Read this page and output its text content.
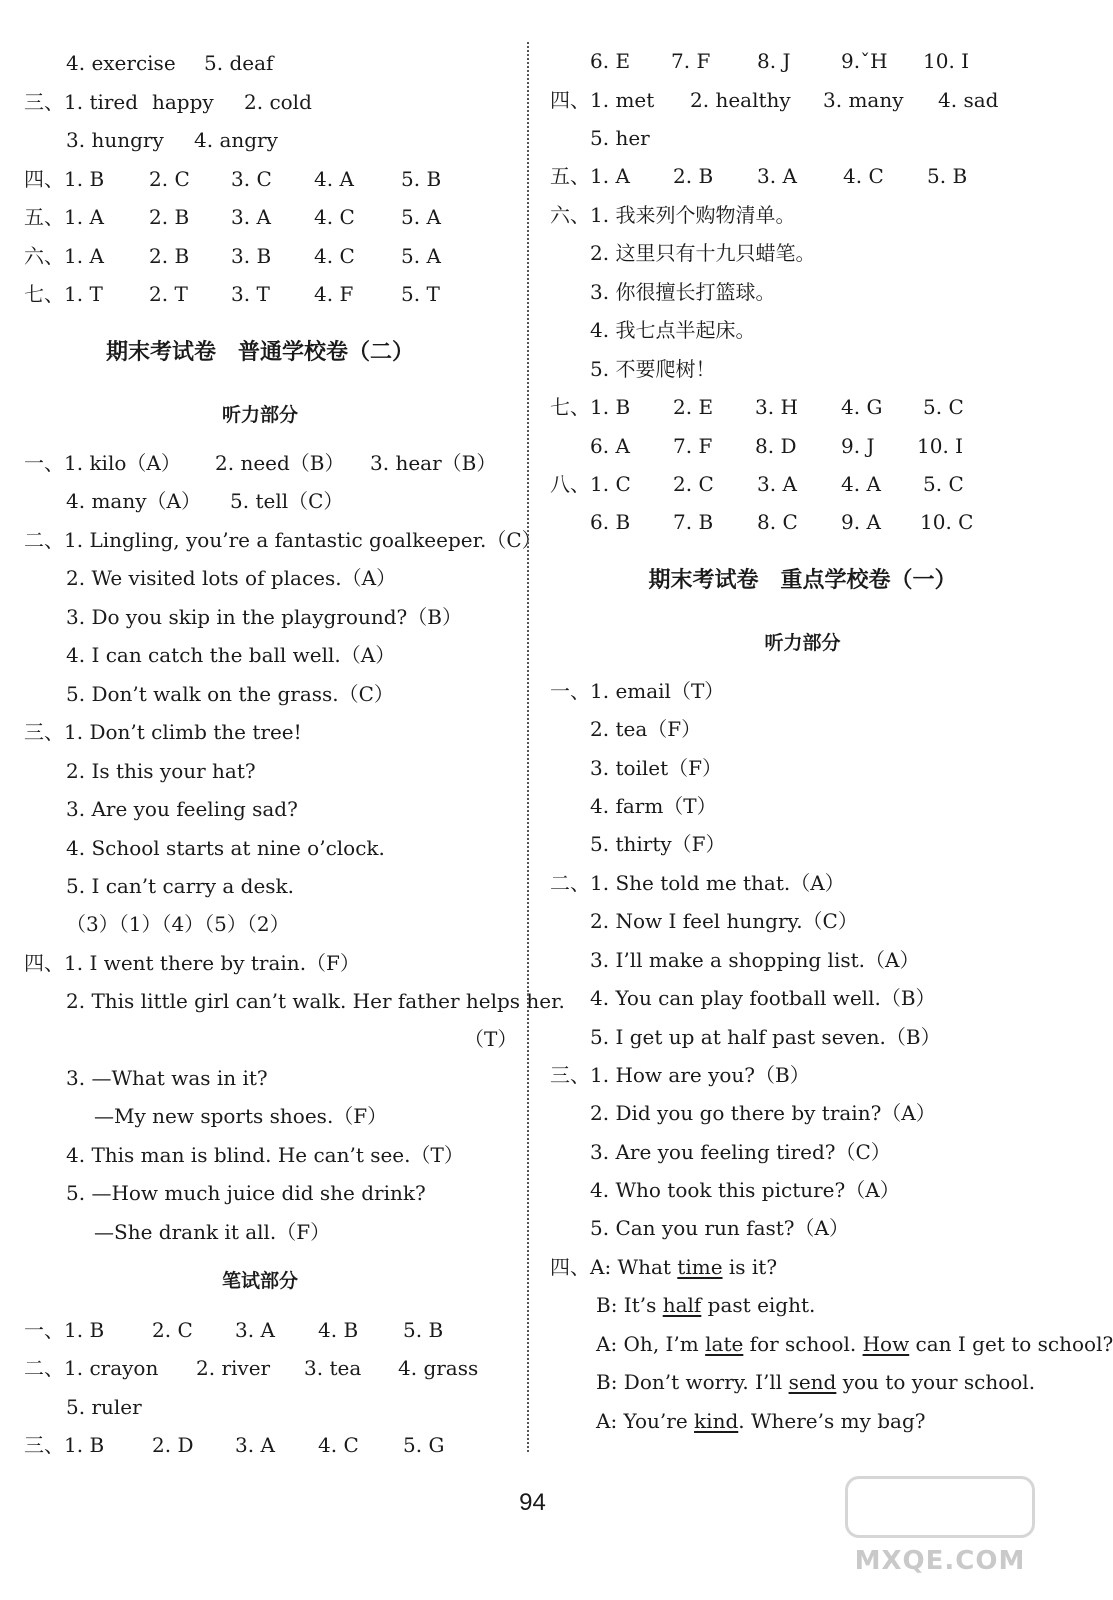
4. exercise 5. deaf
三、1. tired happy 2. cold
3. hungry 4. angry
四、1. B 2. C 3. C 4. A 5. B
五、1. A 2. B 3. A 4. C 5. A
六、1. A 2. B 3. B 4. C 5. A
七、1. T 2. T 3. T 4. F 5. T
期末考试卷　普通学校卷（二）
听力部分
一、1. kilo（A） 2. need（B） 3. hear（B）
4. many（A） 5. tell（C）
二、1. Lingling, you’re a fantastic goalkeeper.（C）
2. We visited lots of places.（A）
3. Do you skip in the playground?（B）
4. I can catch the ball well.（A）
5. Don’t walk on the grass.（C）
三、1. Don’t climb the tree!
2. Is this your hat?
3. Are you feeling sad?
4. School starts at nine o’clock.
5. I can’t carry a desk.
（3）（1）（4）（5）（2）
四、1. I went there by train.（F）
2. This little girl can’t walk. Her father helps her.
（T）
3. —What was in it?
—My new sports shoes.（F）
4. This man is blind. He can’t see.（T）
5. —How much juice did she drink?
—She drank it all.（F）
笔试部分
一、1. B 2. C 3. A 4. B 5. B
二、1. crayon 2. river 3. tea 4. grass
5. ruler
三、1. B 2. D 3. A 4. C 5. G
6. E 7. F 8. J	9.ˇH 10. I
四、1. met 2. healthy 3. many 4. sad
5. her
五、1. A 2. B 3. A 4. C 5. B
六、1. 我来列个购物清单。
2. 这里只有十九只蜡笔。
3. 你很擅长打篮球。
4. 我七点半起床。
5. 不要爬树！
七、1. B 2. E 3. H 4. G 5. C
6. A 7. F 8. D 9. J 10. I
八、1. C 2. C 3. A 4. A 5. C
6. B 7. B 8. C 9. A 10. C
期末考试卷　重点学校卷（一）
听力部分
一、1. email（T）
2. tea（F）
3. toilet（F）
4. farm（T）
5. thirty（F）
二、1. She told me that.（A）
2. Now I feel hungry.（C）
3. I’ll make a shopping list.（A）
4. You can play football well.（B）
5. I get up at half past seven.（B）
三、1. How are you?（B）
2. Did you go there by train?（A）
3. Are you feeling tired?（C）
4. Who took this picture?（A）
5. Can you run fast?（A）
四、A: What time is it?
B: It’s half past eight.
A: Oh, I’m late for school. How can I get to school?
B: Don’t worry. I’ll send you to your school.
A: You’re kind. Where’s my bag?
94
MXQE.COM
